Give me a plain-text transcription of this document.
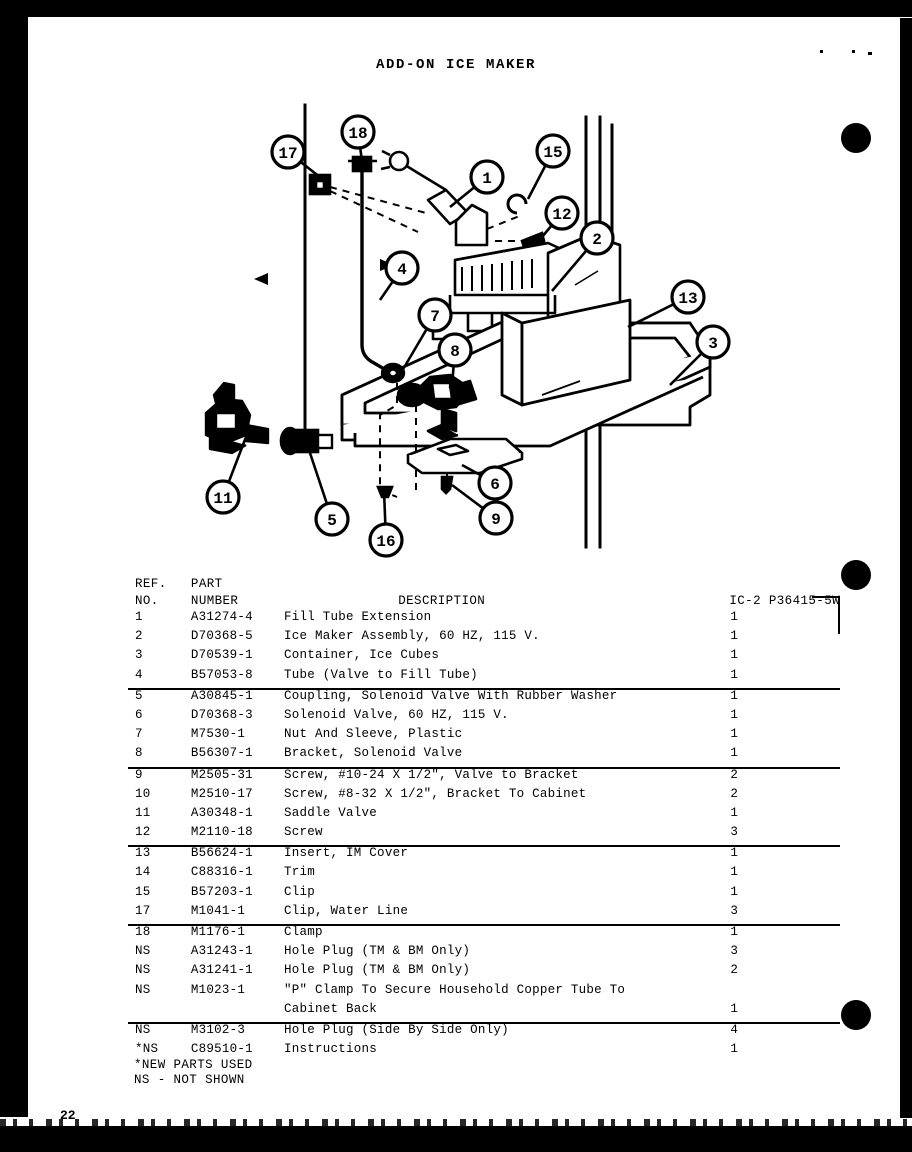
ADD-ON ICE MAKER
17
18
15
1
12
2
13
3
4
7
8
11
5
16
6
9
REF.	PART		
NO.	NUMBER	DESCRIPTION	IC-2 P36415-5W

1	A31274-4	Fill Tube Extension	1
2	D70368-5	Ice Maker Assembly, 60 HZ, 115 V.	1
3	D70539-1	Container, Ice Cubes	1
4	B57053-8	Tube (Valve to Fill Tube)	1
5	A30845-1	Coupling, Solenoid Valve With Rubber Washer	1
6	D70368-3	Solenoid Valve, 60 HZ, 115 V.	1
7	M7530-1	Nut And Sleeve, Plastic	1
8	B56307-1	Bracket, Solenoid Valve	1
9	M2505-31	Screw, #10-24 X 1/2", Valve to Bracket	2
10	M2510-17	Screw, #8-32 X 1/2", Bracket To Cabinet	2
11	A30348-1	Saddle Valve	1
12	M2110-18	Screw	3
13	B56624-1	Insert, IM Cover	1
14	C88316-1	Trim	1
15	B57203-1	Clip	1
17	M1041-1	Clip, Water Line	3
18	M1176-1	Clamp	1
NS	A31243-1	Hole Plug (TM & BM Only)	3
NS	A31241-1	Hole Plug (TM & BM Only)	2
NS	M1023-1	"P" Clamp To Secure Household Copper Tube To	
		Cabinet Back	1
NS	M3102-3	Hole Plug (Side By Side Only)	4
*NS	C89510-1	Instructions	1
*NEW PARTS USED
NS - NOT SHOWN
22
